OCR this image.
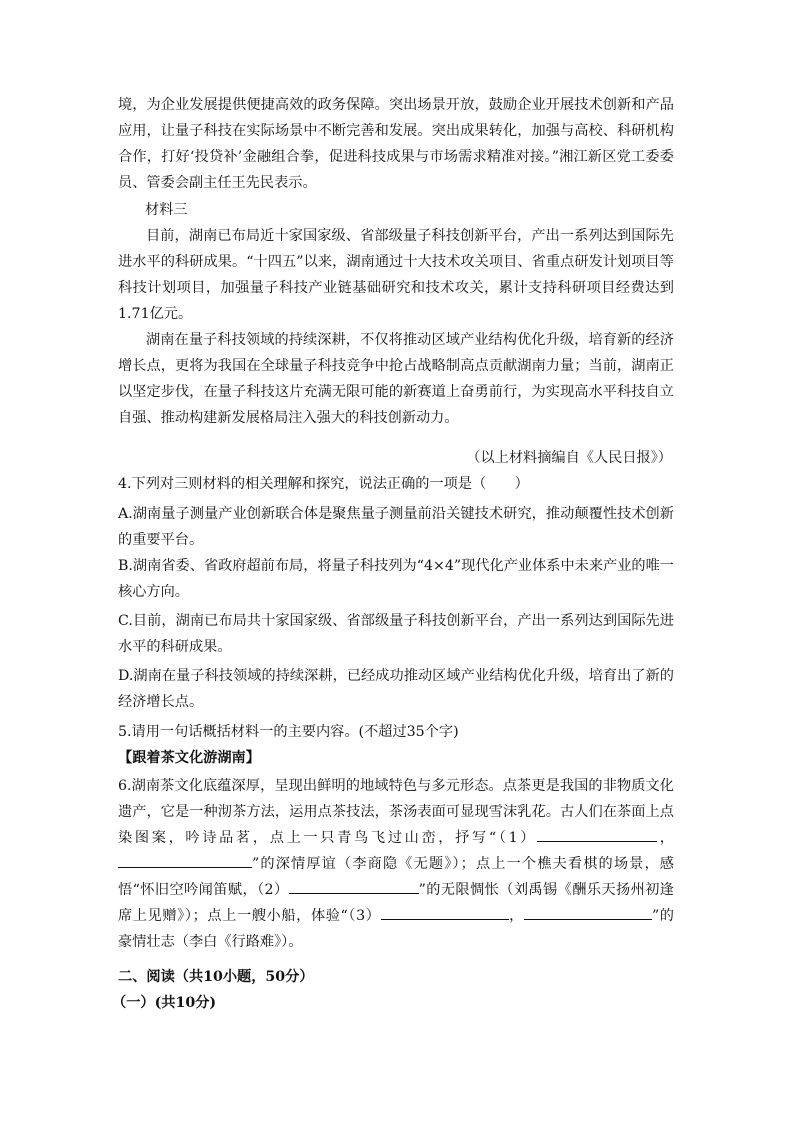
境，为企业发展提供便捷高效的政务保障。突出场景开放，鼓励企业开展技术创新和产品应用，让量子科技在实际场景中不断完善和发展。突出成果转化，加强与高校、科研机构合作，打好‘投贷补’金融组合拳，促进科技成果与市场需求精准对接。”湘江新区党工委委员、管委会副主任王先民表示。

材料三

目前，湖南已布局近十家国家级、省部级量子科技创新平台，产出一系列达到国际先进水平的科研成果。“十四五”以来，湖南通过十大技术攻关项目、省重点研发计划项目等科技计划项目，加强量子科技产业链基础研究和技术攻关，累计支持科研项目经费达到1.71亿元。

湖南在量子科技领域的持续深耕，不仅将推动区域产业结构优化升级，培育新的经济增长点，更将为我国在全球量子科技竞争中抢占战略制高点贡献湖南力量；当前，湖南正以坚定步伐，在量子科技这片充满无限可能的新赛道上奋勇前行，为实现高水平科技自立自强、推动构建新发展格局注入强大的科技创新动力。

（以上材料摘编自《人民日报》）

4.下列对三则材料的相关理解和探究，说法正确的一项是（　　）

A.湖南量子测量产业创新联合体是聚焦量子测量前沿关键技术研究，推动颠覆性技术创新的重要平台。

B.湖南省委、省政府超前布局，将量子科技列为“4×4”现代化产业体系中未来产业的唯一核心方向。

C.目前，湖南已布局共十家国家级、省部级量子科技创新平台，产出一系列达到国际先进水平的科研成果。

D.湖南在量子科技领域的持续深耕，已经成功推动区域产业结构优化升级，培育出了新的经济增长点。

5.请用一句话概括材料一的主要内容。(不超过35个字)

【跟着茶文化游湖南】

6.湖南茶文化底蕴深厚，呈现出鲜明的地域特色与多元形态。点茶更是我国的非物质文化遗产，它是一种沏茶方法，运用点茶技法，茶汤表面可显现雪沫乳花。古人们在茶面上点染图案，吟诗品茗，点上一只青鸟飞过山峦，抒写“（1）	，”的深情厚谊（李商隐《无题》）；点上一个樵夫看棋的场景，感悟“怀旧空吟闻笛赋，（2）	”的无限惆怅（刘禹锡《酬乐天扬州初逢席上见赠》）；点上一艘小船，体验“（3）	，	”的豪情壮志（李白《行路难》）。

二、阅读（共10小题，50分）
（一）(共10分)
